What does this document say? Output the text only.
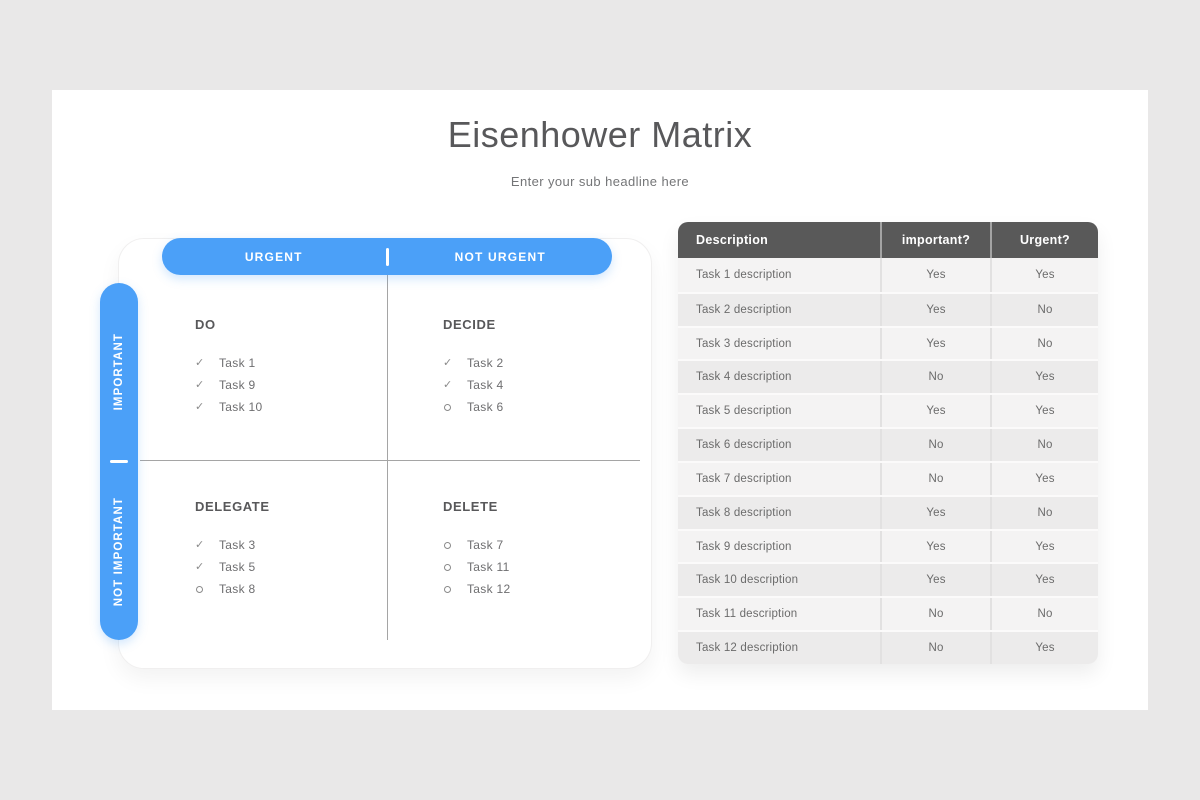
Eisenhower Matrix
Enter your sub headline here
URGENT	NOT URGENT
IMPORTANT
NOT IMPORTANT
DO
✓
Task 1
✓
Task 9
✓
Task 10
DECIDE
✓
Task 2
✓
Task 4
Task 6
DELEGATE
✓
Task 3
✓
Task 5
Task 8
DELETE
Task 7
Task 11
Task 12
Description	important?	Urgent?
Task 1 description	Yes	Yes
Task 2 description	Yes	No
Task 3 description	Yes	No
Task 4 description	No	Yes
Task 5 description	Yes	Yes
Task 6 description	No	No
Task 7 description	No	Yes
Task 8 description	Yes	No
Task 9 description	Yes	Yes
Task 10 description	Yes	Yes
Task 11 description	No	No
Task 12 description	No	Yes
